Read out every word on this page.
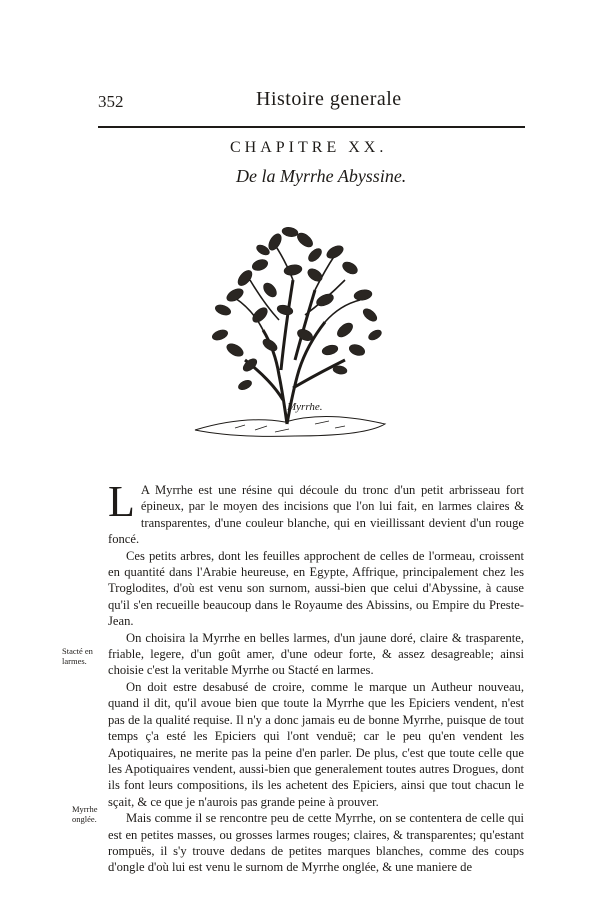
352	Histoire generale
CHAPITRE XX.
De la Myrrhe Abyssine.
Myrrhe.

L A Myrrhe est une résine qui découle du tronc d'un petit arbrisseau fort épineux, par le moyen des incisions que l'on lui fait, en larmes claires & transparentes, d'une couleur blanche, qui en vieillissant devient d'un rouge foncé.

Ces petits arbres, dont les feuilles approchent de celles de l'ormeau, croissent en quantité dans l'Arabie heureuse, en Egypte, Affrique, principalement chez les Troglodites, d'où est venu son surnom, aussi-bien que celui d'Abyssine, à cause qu'il s'en recueille beaucoup dans le Royaume des Abissins, ou Empire du Preste-Jean.

On choisira la Myrrhe en belles larmes, d'un jaune doré, claire & trasparente, friable, legere, d'un goût amer, d'une odeur forte, & assez desagreable; ainsi choisie c'est la veritable Myrrhe ou Stacté en larmes.

On doit estre desabusé de croire, comme le marque un Autheur nouveau, quand il dit, qu'il avoue bien que toute la Myrrhe que les Epiciers vendent, n'est pas de la qualité requise. Il n'y a donc jamais eu de bonne Myrrhe, puisque de tout temps ç'a esté les Epiciers qui l'ont venduë; car le peu qu'en vendent les Apotiquaires, ne merite pas la peine d'en parler. De plus, c'est que toute celle que les Apotiquaires vendent, aussi-bien que generalement toutes autres Drogues, dont ils font leurs compositions, ils les achetent des Epiciers, ainsi que tout chacun le sçait, & ce que je n'aurois pas grande peine à prouver.

Mais comme il se rencontre peu de cette Myrrhe, on se contentera de celle qui est en petites masses, ou grosses larmes rouges; claires, & transparentes; qu'estant rompuës, il s'y trouve dedans de petites marques blanches, comme des coups d'ongle d'où lui est venu le surnom de Myrrhe onglée, & une maniere de

Stacté en larmes.
Myrrhe onglée.
